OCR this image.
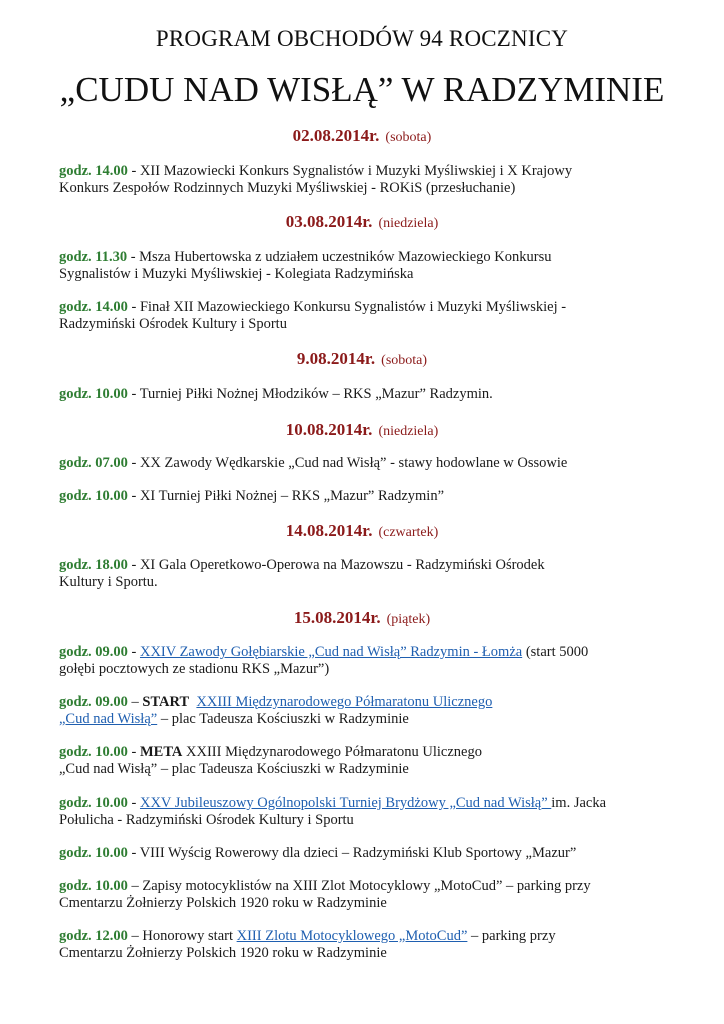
PROGRAM OBCHODÓW 94 ROCZNICY
„CUDU NAD WISŁĄ” W RADZYMINIE
02.08.2014r. (sobota)
godz. 14.00 - XII Mazowiecki Konkurs Sygnalistów i Muzyki Myśliwskiej i X Krajowy
Konkurs Zespołów Rodzinnych Muzyki Myśliwskiej - ROKiS (przesłuchanie)
03.08.2014r. (niedziela)
godz. 11.30 - Msza Hubertowska z udziałem uczestników Mazowieckiego Konkursu
Sygnalistów i Muzyki Myśliwskiej - Kolegiata Radzymińska
godz. 14.00 - Finał XII Mazowieckiego Konkursu Sygnalistów i Muzyki Myśliwskiej -
Radzymiński Ośrodek Kultury i Sportu
9.08.2014r. (sobota)
godz. 10.00 - Turniej Piłki Nożnej Młodzików – RKS „Mazur” Radzymin.
10.08.2014r. (niedziela)
godz. 07.00 - XX Zawody Wędkarskie „Cud nad Wisłą” - stawy hodowlane w Ossowie
godz. 10.00 - XI Turniej Piłki Nożnej – RKS „Mazur” Radzymin”
14.08.2014r. (czwartek)
godz. 18.00 - XI Gala Operetkowo-Operowa na Mazowszu - Radzymiński Ośrodek
Kultury i Sportu.
15.08.2014r. (piątek)
godz. 09.00 - XXIV Zawody Gołębiarskie „Cud nad Wisłą” Radzymin - Łomża (start 5000
gołębi pocztowych ze stadionu RKS „Mazur”)
godz. 09.00 – START XXIII Międzynarodowego Półmaratonu Ulicznego
„Cud nad Wisłą” – plac Tadeusza Kościuszki w Radzyminie
godz. 10.00 - META XXIII Międzynarodowego Półmaratonu Ulicznego
„Cud nad Wisłą” – plac Tadeusza Kościuszki w Radzyminie
godz. 10.00 - XXV Jubileuszowy Ogólnopolski Turniej Brydżowy „Cud nad Wisłą” im. Jacka
Połulicha - Radzymiński Ośrodek Kultury i Sportu
godz. 10.00 - VIII Wyścig Rowerowy dla dzieci – Radzymiński Klub Sportowy „Mazur”
godz. 10.00 – Zapisy motocyklistów na XIII Zlot Motocyklowy „MotoCud” – parking przy
Cmentarzu Żołnierzy Polskich 1920 roku w Radzyminie
godz. 12.00 – Honorowy start XIII Zlotu Motocyklowego „MotoCud” – parking przy
Cmentarzu Żołnierzy Polskich 1920 roku w Radzyminie
